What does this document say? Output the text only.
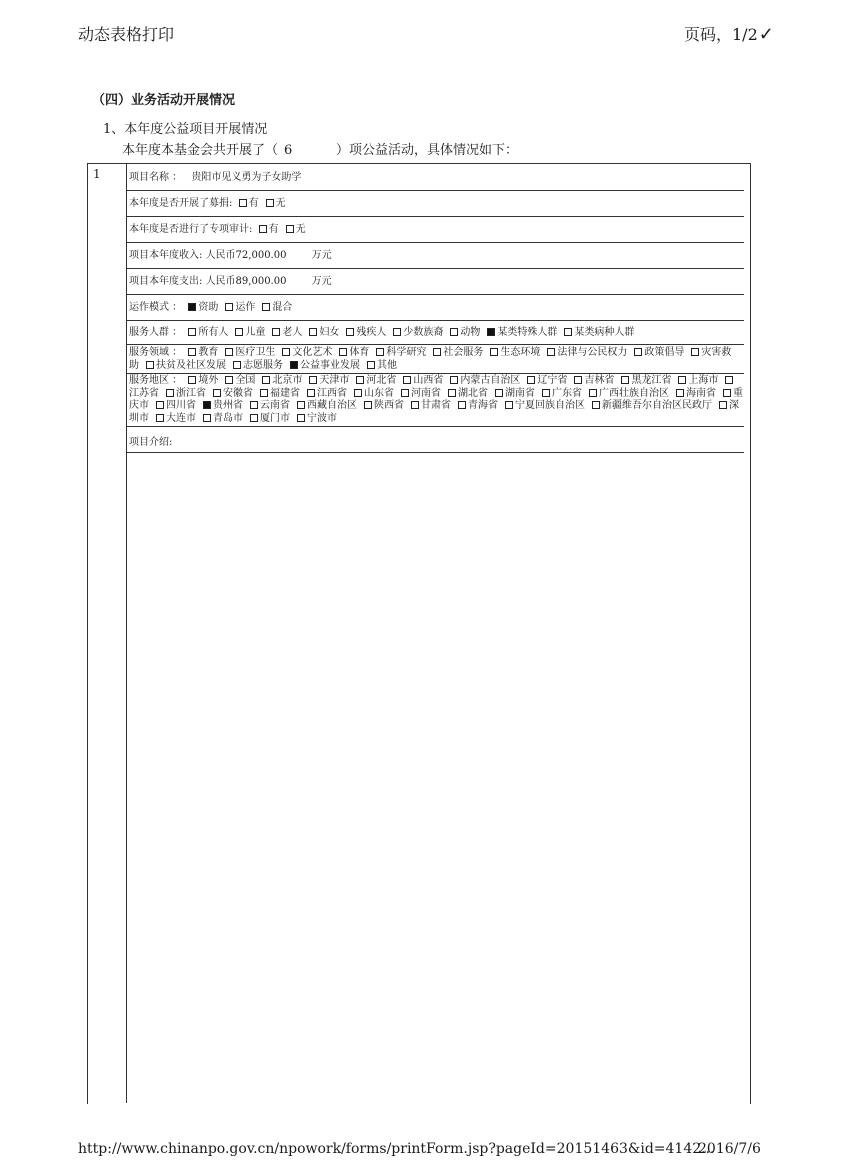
动态表格打印	页码，1/2✓
（四）业务活动开展情况
1、本年度公益项目开展情况
本年度本基金会共开展了（ 6	）项公益活动，具体情况如下：
1	项目名称 ： 贵阳市见义勇为子女助学
本年度是否开展了募捐: 有 无
本年度是否进行了专项审计: 有 无
项目本年度收入: 人民币72,000.00	万元
项目本年度支出: 人民币89,000.00	万元
运作模式 ： 资助 运作 混合
服务人群 ： 所有人 儿童 老人 妇女 残疾人 少数族裔 动物 某类特殊人群 某类病种人群
服务领域 ： 教育 医疗卫生 文化艺术 体育 科学研究 社会服务 生态环境 法律与公民权力 政策倡导 灾害救助 扶贫及社区发展 志愿服务 公益事业发展 其他
服务地区 ： 境外 全国 北京市 天津市 河北省 山西省 内蒙古自治区 辽宁省 吉林省 黑龙江省 上海市江苏省 浙江省 安徽省 福建省 江西省 山东省 河南省 湖北省 湖南省 广东省 广西壮族自治区 海南省 重庆市 四川省 贵州省 云南省 西藏自治区 陕西省 甘肃省 青海省 宁夏回族自治区 新疆维吾尔自治区民政厅 深圳市 大连市 青岛市 厦门市 宁波市
项目介绍:
http://www.chinanpo.gov.cn/npowork/forms/printForm.jsp?pageId=20151463&id=4142...
2016/7/6
